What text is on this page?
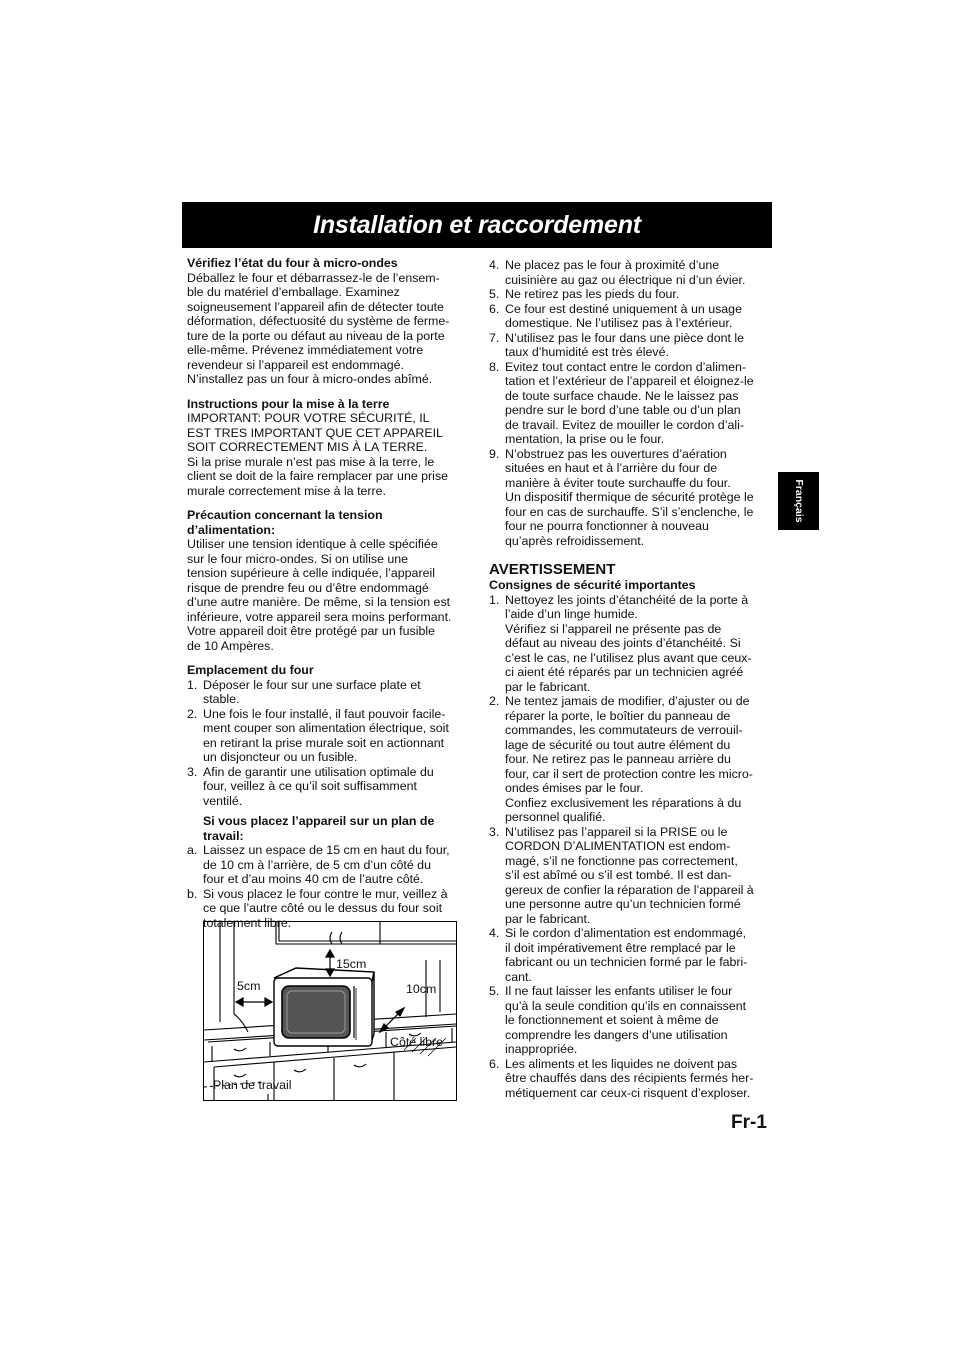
Installation et raccordement
Français

Vérifiez l’état du four à micro-ondes

Déballez le four et débarrassez-le de l’ensem-

ble du matériel d’emballage. Examinez

soigneusement l’appareil afin de détecter toute

déformation, défectuosité du système de ferme-

ture de la porte ou défaut au niveau de la porte

elle-même. Prévenez immédiatement votre

revendeur si l’appareil est endommagé.

N’installez pas un four à micro-ondes abîmé.

Instructions pour la mise à la terre

IMPORTANT: POUR VOTRE SÉCURITÉ, IL

EST TRES IMPORTANT QUE CET APPAREIL

SOIT CORRECTEMENT MIS À LA TERRE.

Si la prise murale n’est pas mise à la terre, le

client se doit de la faire remplacer par une prise

murale correctement mise à la terre.

Précaution concernant la tension

d’alimentation:

Utiliser une tension identique à celle spécifiée

sur le four micro-ondes. Si on utilise une

tension supérieure à celle indiquée, l’appareil

risque de prendre feu ou d’être endommagé

d’une autre manière. De même, si la tension est

inférieure, votre appareil sera moins performant.

Votre appareil doit être protégé par un fusible

de 10 Ampères.

Emplacement du four

1. Déposer le four sur une surface plate et

stable.

2. Une fois le four installé, il faut pouvoir facile-

ment couper son alimentation électrique, soit

en retirant la prise murale soit en actionnant

un disjoncteur ou un fusible.

3. Afin de garantir une utilisation optimale du

four, veillez à ce qu’il soit suffisamment

ventilé.

Si vous placez l’appareil sur un plan de

travail:

a. Laissez un espace de 15 cm en haut du four,

de 10 cm à l’arrière, de 5 cm d’un côté du

four et d’au moins 40 cm de l’autre côté.

b. Si vous placez le four contre le mur, veillez à

ce que l’autre côté ou le dessus du four soit

totalement libre.

15cm
5cm	10cm
Côté libre
Plan de travail
4. Ne placez pas le four à proximité d’une

cuisinière au gaz ou électrique ni d’un évier.

5. Ne retirez pas les pieds du four.

6. Ce four est destiné uniquement à un usage

domestique. Ne l’utilisez pas à l’extérieur.

7. N’utilisez pas le four dans une pièce dont le

taux d’humidité est très élevé.

8. Evitez tout contact entre le cordon d’alimen-

tation et l’extérieur de l’appareil et éloignez-le

de toute surface chaude. Ne le laissez pas

pendre sur le bord d’une table ou d’un plan

de travail. Evitez de mouiller le cordon d’ali-

mentation, la prise ou le four.

9. N’obstruez pas les ouvertures d’aération

situées en haut et à l’arrière du four de

manière à éviter toute surchauffe du four.

Un dispositif thermique de sécurité protège le

four en cas de surchauffe. S’il s’enclenche, le

four ne pourra fonctionner à nouveau

qu’après refroidissement.

AVERTISSEMENT

Consignes de sécurité importantes

1. Nettoyez les joints d’étanchéité de la porte à

l’aide d’un linge humide.

Vérifiez si l’appareil ne présente pas de

défaut au niveau des joints d’étanchéité. Si

c’est le cas, ne l’utilisez plus avant que ceux-

ci aient été réparés par un technicien agréé

par le fabricant.

2. Ne tentez jamais de modifier, d’ajuster ou de

réparer la porte, le boîtier du panneau de

commandes, les commutateurs de verrouil-

lage de sécurité ou tout autre élément du

four. Ne retirez pas le panneau arrière du

four, car il sert de protection contre les micro-

ondes émises par le four.

Confiez exclusivement les réparations à du

personnel qualifié.

3. N’utilisez pas l’appareil si la PRISE ou le

CORDON D’ALIMENTATION est endom-

magé, s’il ne fonctionne pas correctement,

s’il est abîmé ou s’il est tombé. Il est dan-

gereux de confier la réparation de l’appareil à

une personne autre qu’un technicien formé

par le fabricant.

4. Si le cordon d’alimentation est endommagé,

il doit impérativement être remplacé par le

fabricant ou un technicien formé par le fabri-

cant.

5. Il ne faut laisser les enfants utiliser le four

qu’à la seule condition qu’ils en connaissent

le fonctionnement et soient à même de

comprendre les dangers d’une utilisation

inappropriée.

6. Les aliments et les liquides ne doivent pas

être chauffés dans des récipients fermés her-

métiquement car ceux-ci risquent d’exploser.

Fr-1
